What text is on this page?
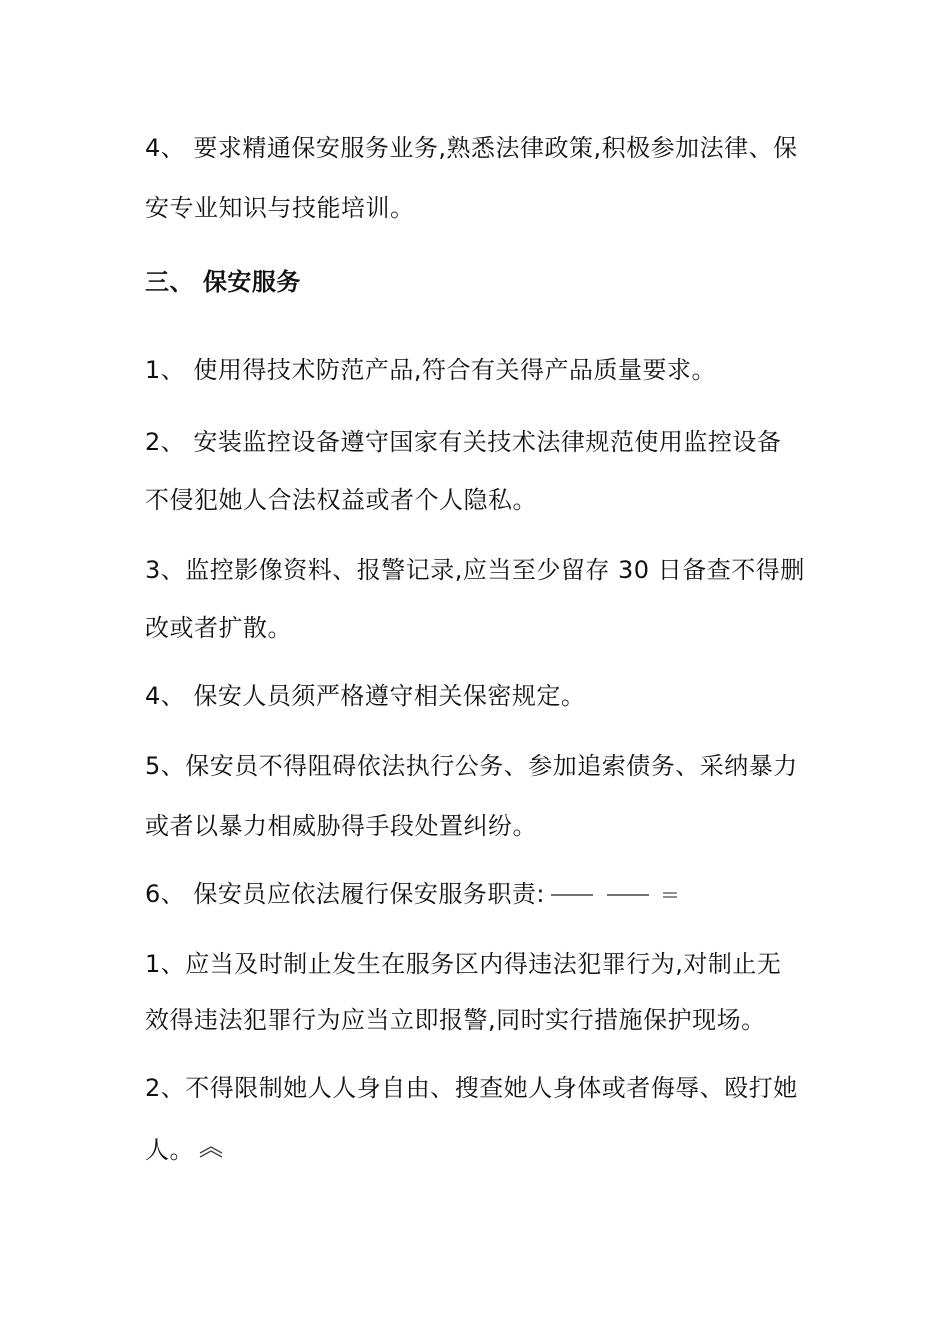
4、 要求精通保安服务业务,熟悉法律政策,积极参加法律、保
安专业知识与技能培训。
三、 保安服务
1、 使用得技术防范产品,符合有关得产品质量要求。
2、 安装监控设备遵守国家有关技术法律规范使用监控设备
不侵犯她人合法权益或者个人隐私。
3、监控影像资料、报警记录,应当至少留存 30 日备查不得删
改或者扩散。
4、 保安人员须严格遵守相关保密规定。
5、保安员不得阻碍依法执行公务、参加追索债务、采纳暴力
或者以暴力相威胁得手段处置纠纷。
6、 保安员应依法履行保安服务职责:
1、应当及时制止发生在服务区内得违法犯罪行为,对制止无
效得违法犯罪行为应当立即报警,同时实行措施保护现场。
2、不得限制她人人身自由、搜查她人身体或者侮辱、殴打她
人。
